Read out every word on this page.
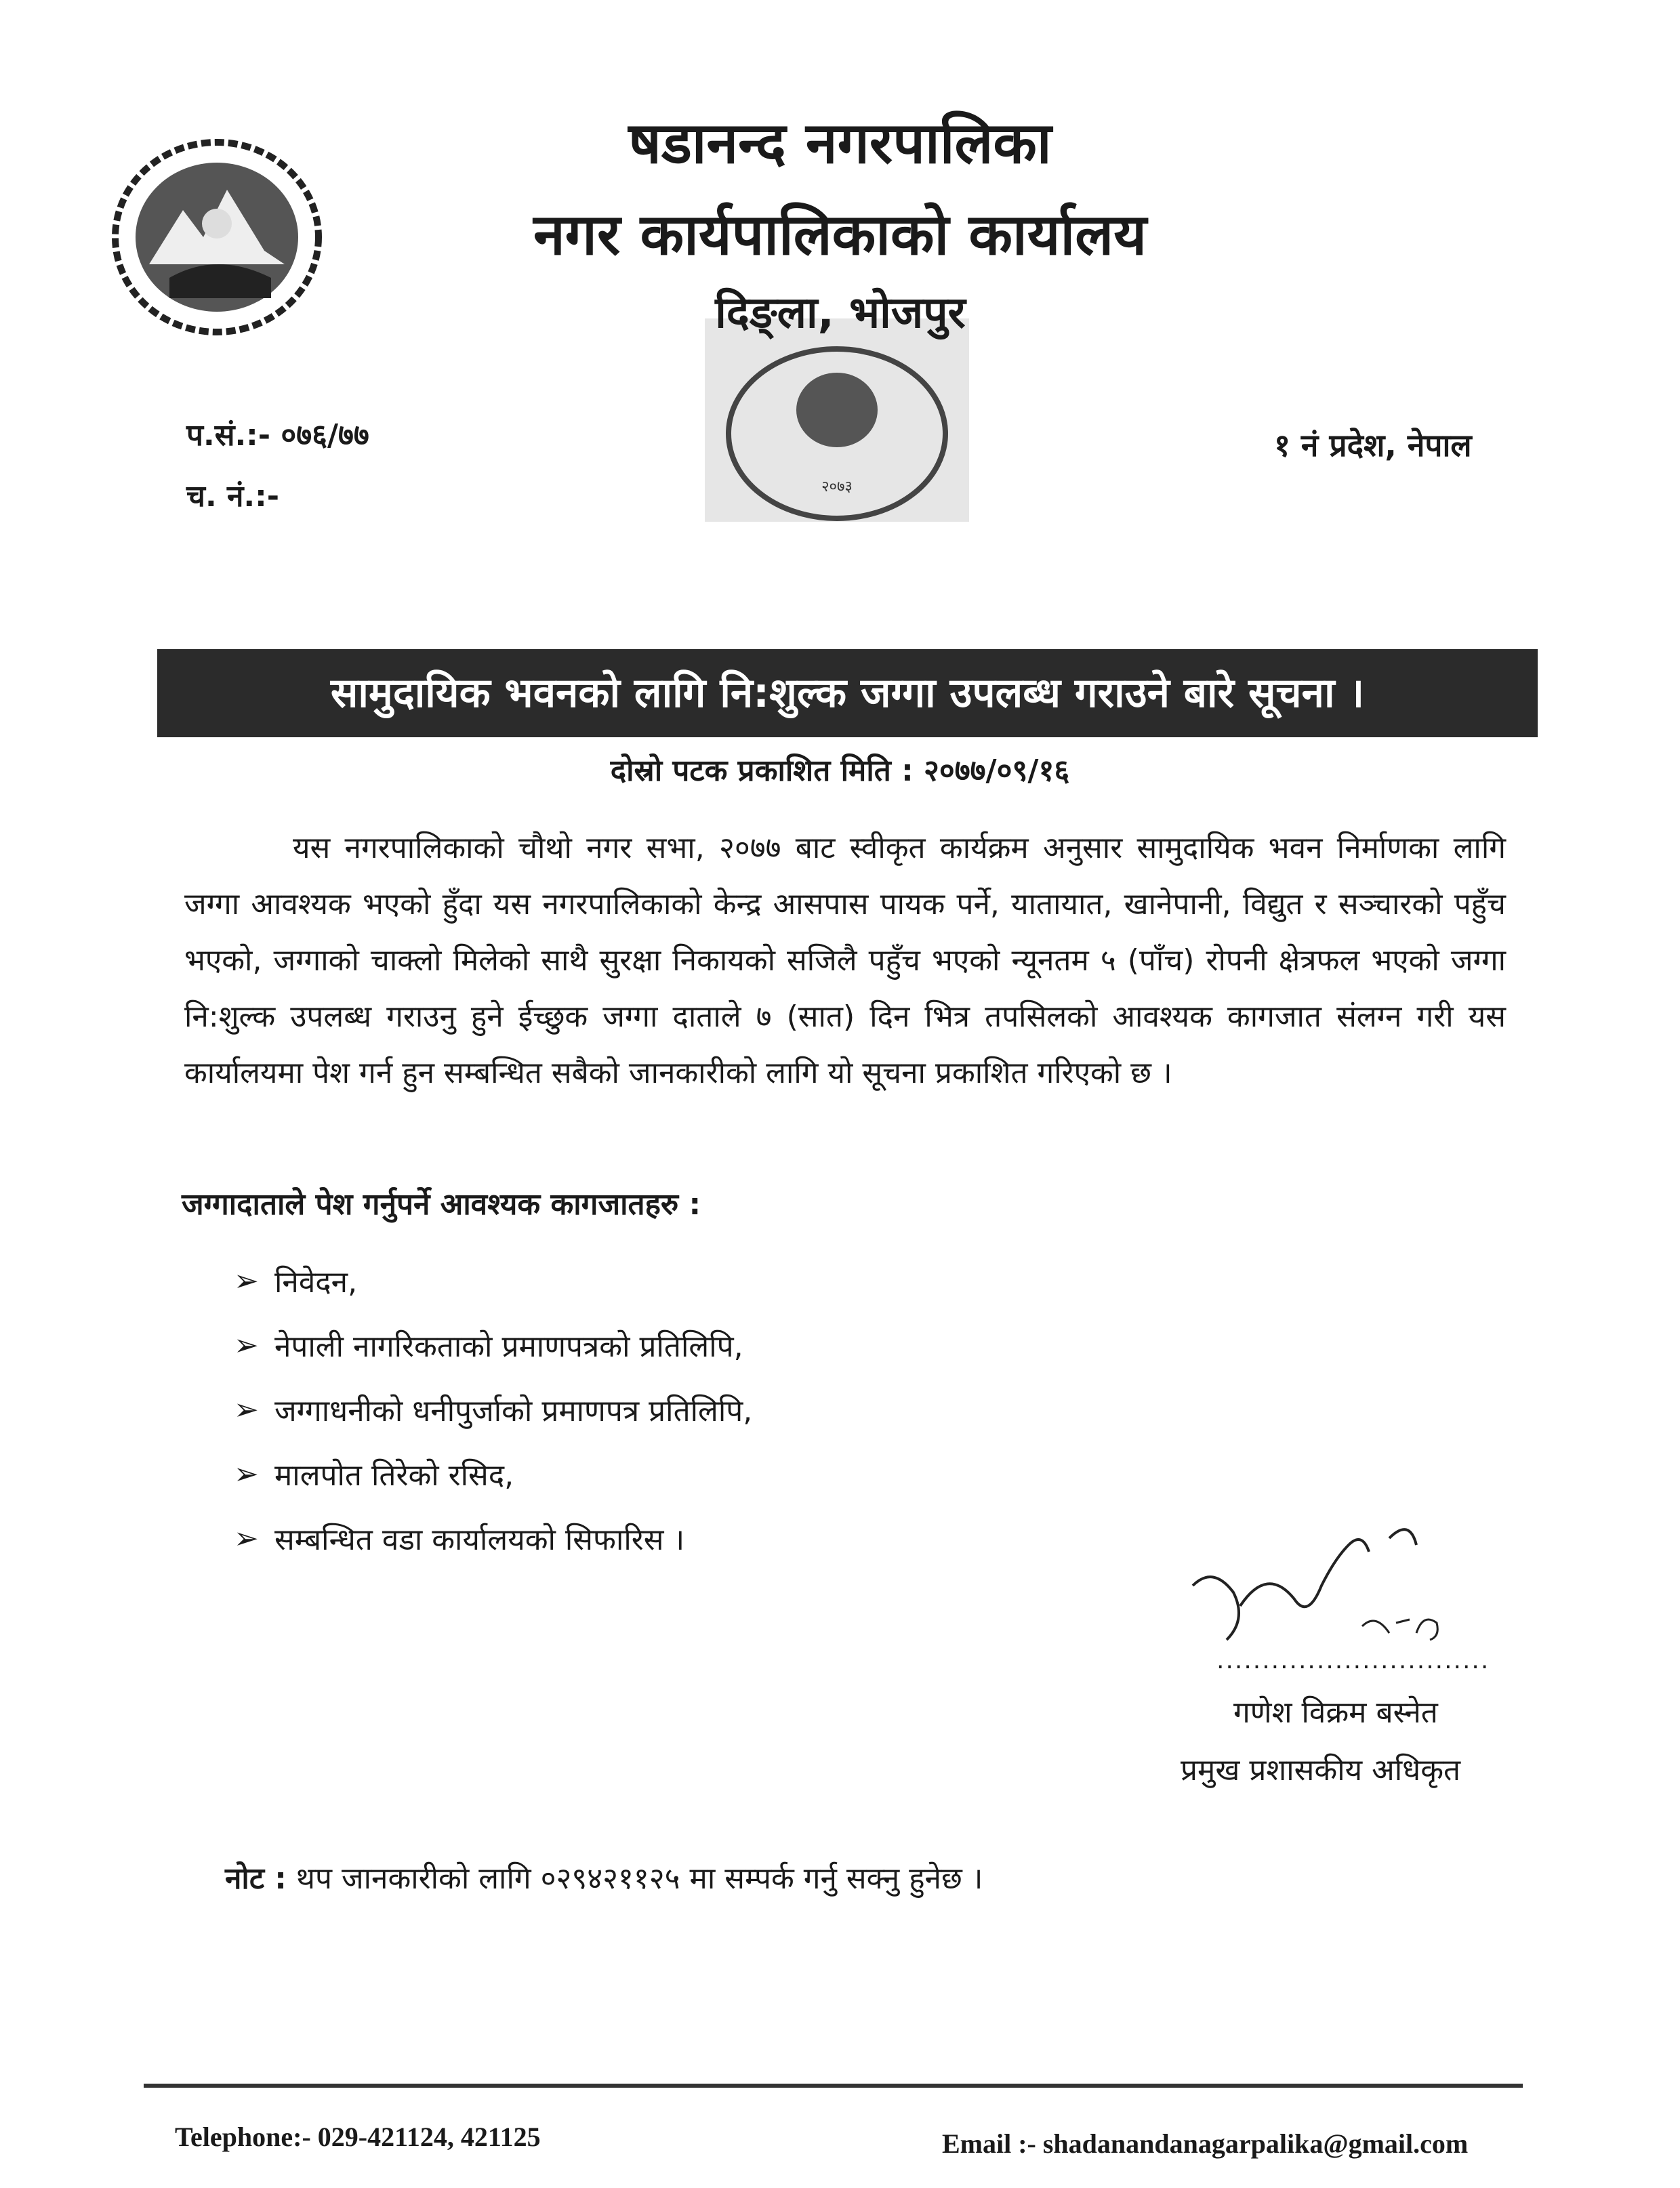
षडानन्द नगरपालिका
नगर कार्यपालिकाको कार्यालय
२०७३
दिङ्ला, भोजपुर
प.सं.:- ०७६/७७
च. नं.:-
१ नं प्रदेश, नेपाल
सामुदायिक भवनको लागि नि:शुल्क जग्गा उपलब्ध गराउने बारे सूचना ।
दोस्रो पटक प्रकाशित मिति : २०७७/०९/१६
यस नगरपालिकाको चौथो नगर सभा, २०७७ बाट स्वीकृत कार्यक्रम अनुसार सामुदायिक भवन निर्माणका लागि जग्गा आवश्यक भएको हुँदा यस नगरपालिकाको केन्द्र आसपास पायक पर्ने, यातायात, खानेपानी, विद्युत र सञ्चारको पहुँच भएको, जग्गाको चाक्लो मिलेको साथै सुरक्षा निकायको सजिलै पहुँच भएको न्यूनतम ५ (पाँच) रोपनी क्षेत्रफल भएको जग्गा नि:शुल्क उपलब्ध गराउनु हुने ईच्छुक जग्गा दाताले ७ (सात) दिन भित्र तपसिलको आवश्यक कागजात संलग्न गरी यस कार्यालयमा पेश गर्न हुन सम्बन्धित सबैको जानकारीको लागि यो सूचना प्रकाशित गरिएको छ ।
जग्गादाताले पेश गर्नुपर्ने आवश्यक कागजातहरु :
➢ निवेदन,
➢ नेपाली नागरिकताको प्रमाणपत्रको प्रतिलिपि,
➢ जग्गाधनीको धनीपुर्जाको प्रमाणपत्र प्रतिलिपि,
➢ मालपोत तिरेको रसिद,
➢ सम्बन्धित वडा कार्यालयको सिफारिस ।
..............................
गणेश विक्रम बस्नेत
प्रमुख प्रशासकीय अधिकृत
नोट : थप जानकारीको लागि ०२९४२११२५ मा सम्पर्क गर्नु सक्नु हुनेछ ।
Telephone:- 029-421124, 421125	Email :- shadanandanagarpalika@gmail.com
